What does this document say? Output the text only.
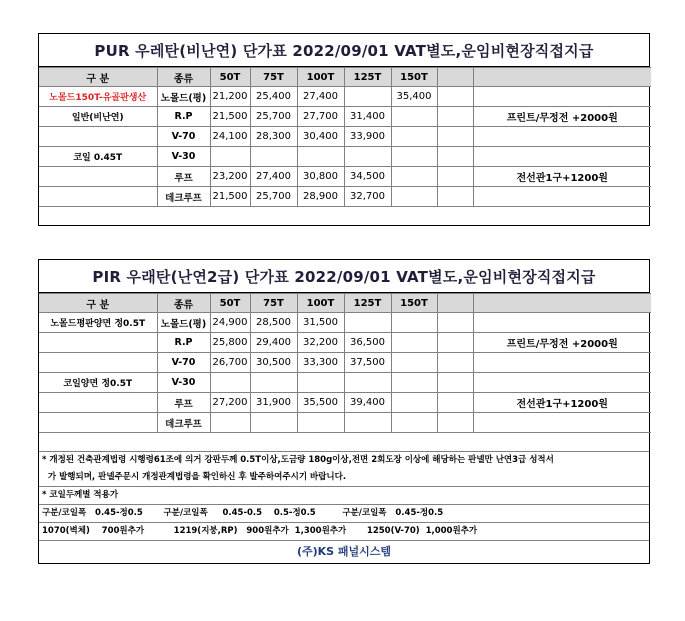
PUR 우레탄(비난연) 단가표 2022/09/01 VAT별도,운임비현장직접지급
구 분	종류	50T	75T	100T	125T	150T		
노몰드150T-유골판생산	노몰드(평)	21,200	25,400	27,400		35,400		
일반(비난연)	R.P	21,500	25,700	27,700	31,400			프린트/무정전 +2000원
	V-70	24,100	28,300	30,400	33,900			
코일 0.45T	V-30							
	루프	23,200	27,400	30,800	34,500			전선관1구+1200원
	데크루프	21,500	25,700	28,900	32,700			

PIR 우래탄(난연2급) 단가표 2022/09/01 VAT별도,운임비현장직접지급
구 분	종류	50T	75T	100T	125T	150T		
노몰드평판양면 정0.5T	노몰드(평)	24,900	28,500	31,500				
	R.P	25,800	29,400	32,200	36,500			프린트/무정전 +2000원
	V-70	26,700	30,500	33,300	37,500			
코일양면 정0.5T	V-30							
	루프	27,200	31,900	35,500	39,400			전선관1구+1200원
	데크루프							

* 개정된 건축관계법령 시행령61조에 의거 강판두께 0.5T이상,도금량 180g이상,전면 2회도장 이상에 해당하는 판넬만 난연3급 성적서
가 발행되며, 판넬주문시 개정관계법령을 확인하신 후 발주하여주시기 바랍니다.
* 코일두께별 적용가
구분/코일폭   0.45-정0.5       구분/코일폭     0.45-0.5    0.5-정0.5         구분/코일폭   0.45-정0.5
1070(벽체)    700원추가          1219(지붕,RP)   900원추가  1,300원추가       1250(V-70)  1,000원추가
(주)KS 패널시스템
